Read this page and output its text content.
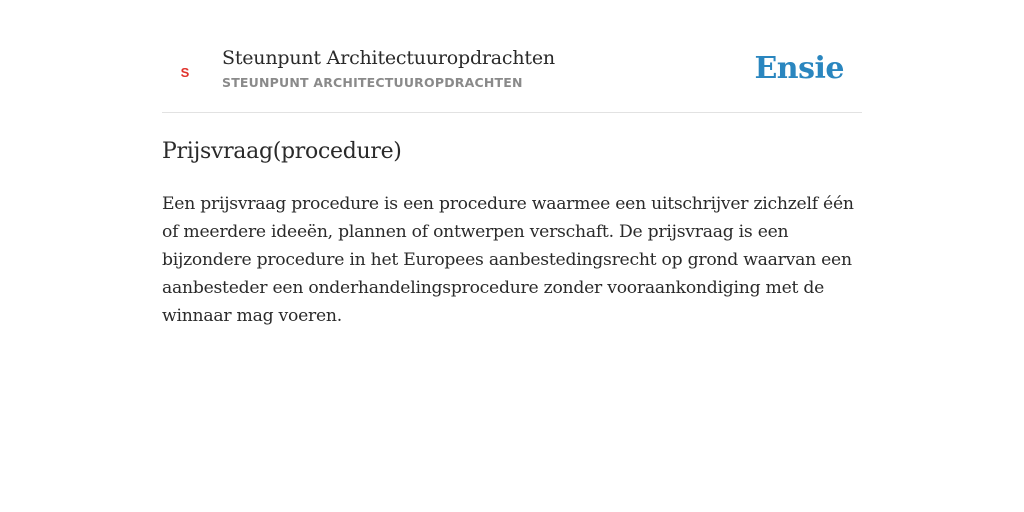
s
Steunpunt Architectuuropdrachten
STEUNPUNT ARCHITECTUUROPDRACHTEN	Ensie
Prijsvraag(procedure)

Een prijsvraag procedure is een procedure waarmee een uitschrijver zichzelf één of meerdere ideeën, plannen of ontwerpen verschaft. De prijsvraag is een bijzondere procedure in het Europees aanbestedingsrecht op grond waarvan een aanbesteder een onderhandelingsprocedure zonder vooraankondiging met de winnaar mag voeren.
